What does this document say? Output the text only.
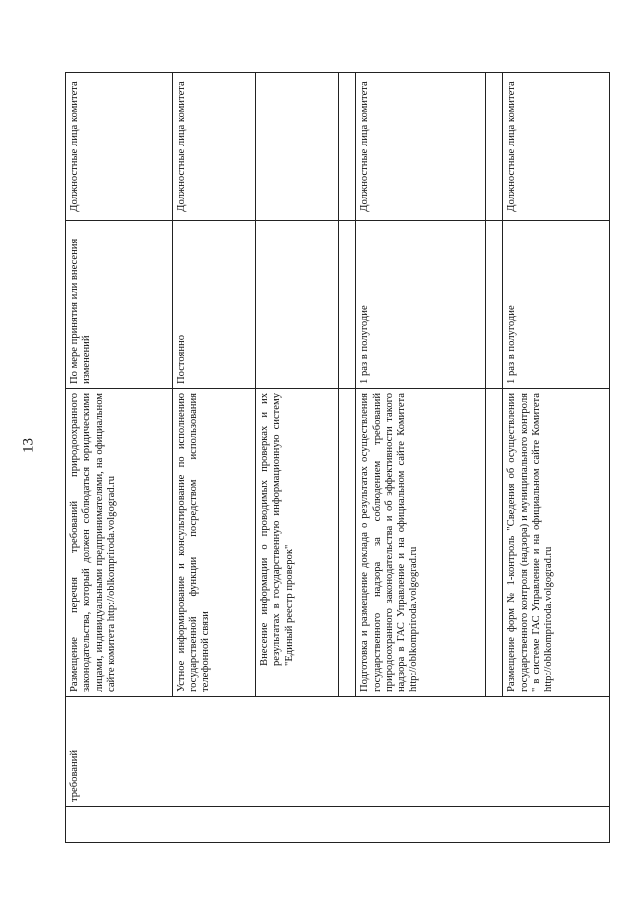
13

	требований	Размещение перечня требований природоохранного законодательства, который должен соблюдаться юридическими лицами, индивидуальными предпринимателями, на официальном сайте комитета http://oblkompriroda.volgograd.ru	По мере принятия или внесения изменений	Должностные лица комитета
		Устное информирование и консультирование по исполнению государственной функции посредством использования телефонной связи	Постоянно	Должностные лица комитета

		Внесение информации о проводимых проверках и их результатах в государственную информационную систему "Единый реестр проверок"		

		Подготовка и размещение доклада о результатах осуществления государственного надзора за соблюдением требований природоохранного законодательства и об эффективности такого надзора в ГАС Управление и на официальном сайте Комитета http://oblkompriroda.volgograd.ru	1 раз в полугодие	Должностные лица комитета

		Размещение форм № 1-контроль "Сведения об осуществлении государственного контроля (надзора) и муниципального контроля " в системе ГАС Управление и на официальном сайте Комитета http://oblkompriroda.volgograd.ru	1 раз в полугодие	Должностные лица комитета
